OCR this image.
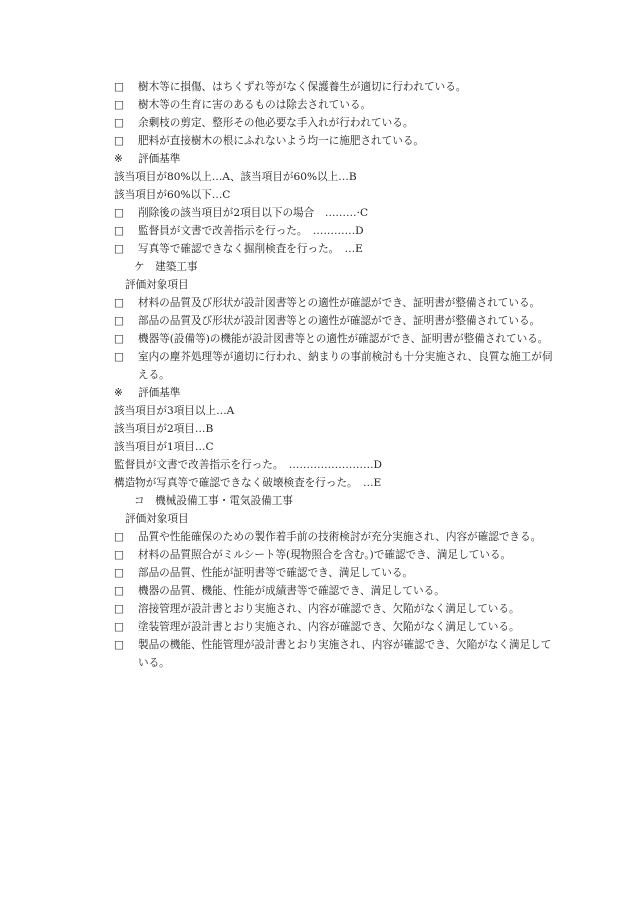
□	樹木等に損傷、はちくずれ等がなく保護養生が適切に行われている。
□	樹木等の生育に害のあるものは除去されている。
□	余剰枝の剪定、整形その他必要な手入れが行われている。
□	肥料が直接樹木の根にふれないよう均一に施肥されている。
※ 評価基準
該当項目が80%以上…A、該当項目が60%以上…B
該当項目が60%以下…C
□	削除後の該当項目が2項目以下の場合　………·C
□	監督員が文書で改善指示を行った。　…………D
□	写真等で確認できなく掘削検査を行った。　…E
ケ　建築工事
評価対象項目
□	材料の品質及び形状が設計図書等との適性が確認ができ、証明書が整備されている。
□	部品の品質及び形状が設計図書等との適性が確認ができ、証明書が整備されている。
□	機器等(設備等)の機能が設計図書等との適性が確認ができ、証明書が整備されている。
□	室内の塵芥処理等が適切に行われ、納まりの事前検討も十分実施され、良質な施工が伺える。
※ 評価基準
該当項目が3項目以上…A
該当項目が2項目…B
該当項目が1項目…C
監督員が文書で改善指示を行った。　……………………D
構造物が写真等で確認できなく破壊検査を行った。　…E
コ　機械設備工事・電気設備工事
評価対象項目
□	品質や性能確保のための製作着手前の技術検討が充分実施され、内容が確認できる。
□	材料の品質照合がミルシート等(現物照合を含む。)で確認でき、満足している。
□	部品の品質、性能が証明書等で確認でき、満足している。
□	機器の品質、機能、性能が成績書等で確認でき、満足している。
□	溶接管理が設計書とおり実施され、内容が確認でき、欠陥がなく満足している。
□	塗装管理が設計書とおり実施され、内容が確認でき、欠陥がなく満足している。
□	製品の機能、性能管理が設計書とおり実施され、内容が確認でき、欠陥がなく満足している。
